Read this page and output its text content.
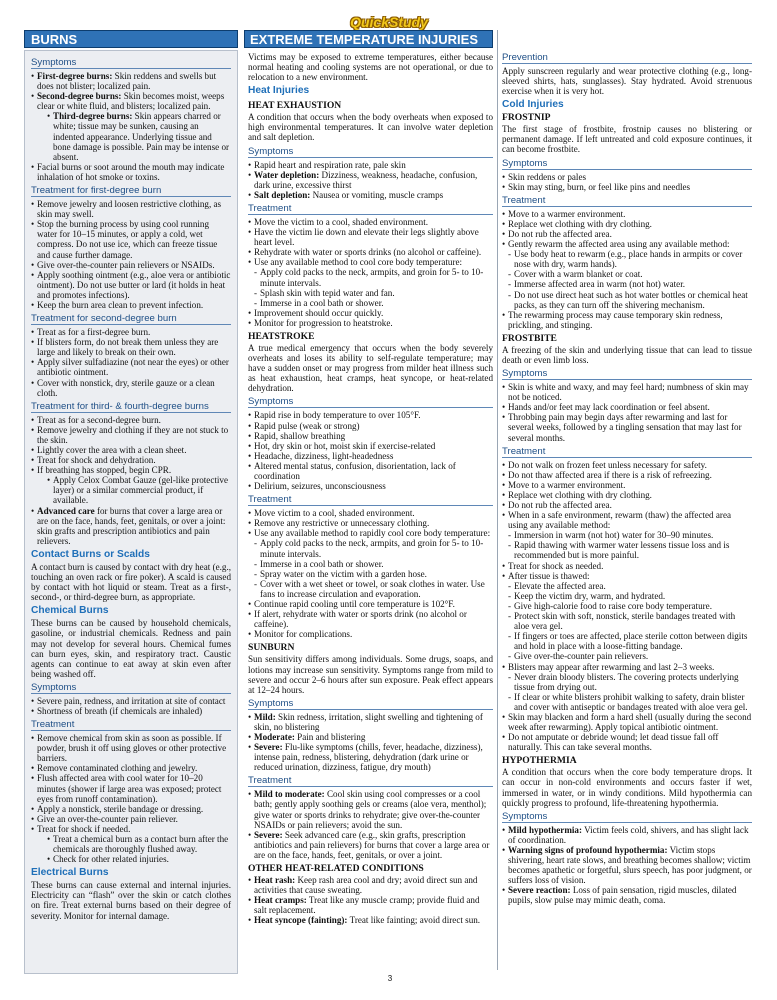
QuickStudy
BURNS	EXTREME TEMPERATURE INJURIES
Symptoms
• First-degree burns: Skin reddens and swells but does not blister; localized pain.
• Second-degree burns: Skin becomes moist, weeps clear or white fluid, and blisters; localized pain.
• Third-degree burns: Skin appears charred or white; tissue may be sunken, causing an indented appearance. Underlying tissue and bone damage is possible. Pain may be intense or absent.
• Facial burns or soot around the mouth may indicate inhalation of hot smoke or toxins.
Treatment for first-degree burn
• Remove jewelry and loosen restrictive clothing, as skin may swell.
• Stop the burning process by using cool running water for 10–15 minutes, or apply a cold, wet compress. Do not use ice, which can freeze tissue and cause further damage.
• Give over-the-counter pain relievers or NSAIDs.
• Apply soothing ointment (e.g., aloe vera or antibiotic ointment). Do not use butter or lard (it holds in heat and promotes infections).
• Keep the burn area clean to prevent infection.
Treatment for second-degree burn
• Treat as for a first-degree burn.
• If blisters form, do not break them unless they are large and likely to break on their own.
• Apply silver sulfadiazine (not near the eyes) or other antibiotic ointment.
• Cover with nonstick, dry, sterile gauze or a clean cloth.
Treatment for third- & fourth-degree burns
• Treat as for a second-degree burn.
• Remove jewelry and clothing if they are not stuck to the skin.
• Lightly cover the area with a clean sheet.
• Treat for shock and dehydration.
• If breathing has stopped, begin CPR.
• Apply Celox Combat Gauze (gel-like protective layer) or a similar commercial product, if available.
• Advanced care for burns that cover a large area or are on the face, hands, feet, genitals, or over a joint: skin grafts and prescription antibiotics and pain relievers.
Contact Burns or Scalds

A contact burn is caused by contact with dry heat (e.g., touching an oven rack or fire poker). A scald is caused by contact with hot liquid or steam. Treat as a first-, second-, or third-degree burn, as appropriate.

Chemical Burns

These burns can be caused by household chemicals, gasoline, or industrial chemicals. Redness and pain may not develop for several hours. Chemical fumes can burn eyes, skin, and respiratory tract. Caustic agents can continue to eat away at skin even after being washed off.

Symptoms
• Severe pain, redness, and irritation at site of contact
• Shortness of breath (if chemicals are inhaled)
Treatment
• Remove chemical from skin as soon as possible. If powder, brush it off using gloves or other protective barriers.
• Remove contaminated clothing and jewelry.
• Flush affected area with cool water for 10–20 minutes (shower if large area was exposed; protect eyes from runoff contamination).
• Apply a nonstick, sterile bandage or dressing.
• Give an over-the-counter pain reliever.
• Treat for shock if needed.
• Treat a chemical burn as a contact burn after the chemicals are thoroughly flushed away.
• Check for other related injuries.
Electrical Burns

These burns can cause external and internal injuries. Electricity can “flash” over the skin or catch clothes on fire. Treat external burns based on their degree of severity. Monitor for internal damage.

Victims may be exposed to extreme temperatures, either because normal heating and cooling systems are not operational, or due to relocation to a new environment.

Heat Injuries
HEAT EXHAUSTION

A condition that occurs when the body overheats when exposed to high environmental temperatures. It can involve water depletion and salt depletion.

Symptoms
• Rapid heart and respiration rate, pale skin
• Water depletion: Dizziness, weakness, headache, confusion, dark urine, excessive thirst
• Salt depletion: Nausea or vomiting, muscle cramps
Treatment
• Move the victim to a cool, shaded environment.
• Have the victim lie down and elevate their legs slightly above heart level.
• Rehydrate with water or sports drinks (no alcohol or caffeine).
• Use any available method to cool core body temperature:
- Apply cold packs to the neck, armpits, and groin for 5- to 10-minute intervals.
- Splash skin with tepid water and fan.
- Immerse in a cool bath or shower.
• Improvement should occur quickly.
• Monitor for progression to heatstroke.
HEATSTROKE

A true medical emergency that occurs when the body severely overheats and loses its ability to self-regulate temperature; may have a sudden onset or may progress from milder heat illness such as heat exhaustion, heat cramps, heat syncope, or heat-related dehydration.

Symptoms
• Rapid rise in body temperature to over 105°F.
• Rapid pulse (weak or strong)
• Rapid, shallow breathing
• Hot, dry skin or hot, moist skin if exercise-related
• Headache, dizziness, light-headedness
• Altered mental status, confusion, disorientation, lack of coordination
• Delirium, seizures, unconsciousness
Treatment
• Move victim to a cool, shaded environment.
• Remove any restrictive or unnecessary clothing.
• Use any available method to rapidly cool core body temperature:
- Apply cold packs to the neck, armpits, and groin for 5- to 10-minute intervals.
- Immerse in a cool bath or shower.
- Spray water on the victim with a garden hose.
- Cover with a wet sheet or towel, or soak clothes in water. Use fans to increase circulation and evaporation.
• Continue rapid cooling until core temperature is 102°F.
• If alert, rehydrate with water or sports drink (no alcohol or caffeine).
• Monitor for complications.
SUNBURN

Sun sensitivity differs among individuals. Some drugs, soaps, and lotions may increase sun sensitivity. Symptoms range from mild to severe and occur 2–6 hours after sun exposure. Peak effect appears at 12–24 hours.

Symptoms
• Mild: Skin redness, irritation, slight swelling and tightening of skin, no blistering
• Moderate: Pain and blistering
• Severe: Flu-like symptoms (chills, fever, headache, dizziness), intense pain, redness, blistering, dehydration (dark urine or reduced urination, dizziness, fatigue, dry mouth)
Treatment
• Mild to moderate: Cool skin using cool compresses or a cool bath; gently apply soothing gels or creams (aloe vera, menthol); give water or sports drinks to rehydrate; give over-the-counter NSAIDs or pain relievers; avoid the sun.
• Severe: Seek advanced care (e.g., skin grafts, prescription antibiotics and pain relievers) for burns that cover a large area or are on the face, hands, feet, genitals, or over a joint.
OTHER HEAT-RELATED CONDITIONS
• Heat rash: Keep rash area cool and dry; avoid direct sun and activities that cause sweating.
• Heat cramps: Treat like any muscle cramp; provide fluid and salt replacement.
• Heat syncope (fainting): Treat like fainting; avoid direct sun.
Prevention

Apply sunscreen regularly and wear protective clothing (e.g., long-sleeved shirts, hats, sunglasses). Stay hydrated. Avoid strenuous exercise when it is very hot.

Cold Injuries
FROSTNIP

The first stage of frostbite, frostnip causes no blistering or permanent damage. If left untreated and cold exposure continues, it can become frostbite.

Symptoms
• Skin reddens or pales
• Skin may sting, burn, or feel like pins and needles
Treatment
• Move to a warmer environment.
• Replace wet clothing with dry clothing.
• Do not rub the affected area.
• Gently rewarm the affected area using any available method:
- Use body heat to rewarm (e.g., place hands in armpits or cover nose with dry, warm hands).
- Cover with a warm blanket or coat.
- Immerse affected area in warm (not hot) water.
- Do not use direct heat such as hot water bottles or chemical heat packs, as they can turn off the shivering mechanism.
• The rewarming process may cause temporary skin redness, prickling, and stinging.
FROSTBITE

A freezing of the skin and underlying tissue that can lead to tissue death or even limb loss.

Symptoms
• Skin is white and waxy, and may feel hard; numbness of skin may not be noticed.
• Hands and/or feet may lack coordination or feel absent.
• Throbbing pain may begin days after rewarming and last for several weeks, followed by a tingling sensation that may last for several months.
Treatment
• Do not walk on frozen feet unless necessary for safety.
• Do not thaw affected area if there is a risk of refreezing.
• Move to a warmer environment.
• Replace wet clothing with dry clothing.
• Do not rub the affected area.
• When in a safe environment, rewarm (thaw) the affected area using any available method:
- Immersion in warm (not hot) water for 30–90 minutes.
- Rapid thawing with warmer water lessens tissue loss and is recommended but is more painful.
• Treat for shock as needed.
• After tissue is thawed:
- Elevate the affected area.
- Keep the victim dry, warm, and hydrated.
- Give high-calorie food to raise core body temperature.
- Protect skin with soft, nonstick, sterile bandages treated with aloe vera gel.
- If fingers or toes are affected, place sterile cotton between digits and hold in place with a loose-fitting bandage.
- Give over-the-counter pain relievers.
• Blisters may appear after rewarming and last 2–3 weeks.
- Never drain bloody blisters. The covering protects underlying tissue from drying out.
- If clear or white blisters prohibit walking to safety, drain blister and cover with antiseptic or bandages treated with aloe vera gel.
• Skin may blacken and form a hard shell (usually during the second week after rewarming). Apply topical antibiotic ointment.
• Do not amputate or debride wound; let dead tissue fall off naturally. This can take several months.
HYPOTHERMIA

A condition that occurs when the core body temperature drops. It can occur in non-cold environments and occurs faster if wet, immersed in water, or in windy conditions. Mild hypothermia can quickly progress to profound, life-threatening hypothermia.

Symptoms
• Mild hypothermia: Victim feels cold, shivers, and has slight lack of coordination.
• Warning signs of profound hypothermia: Victim stops shivering, heart rate slows, and breathing becomes shallow; victim becomes apathetic or forgetful, slurs speech, has poor judgment, or suffers loss of vision.
• Severe reaction: Loss of pain sensation, rigid muscles, dilated pupils, slow pulse may mimic death, coma.
3
